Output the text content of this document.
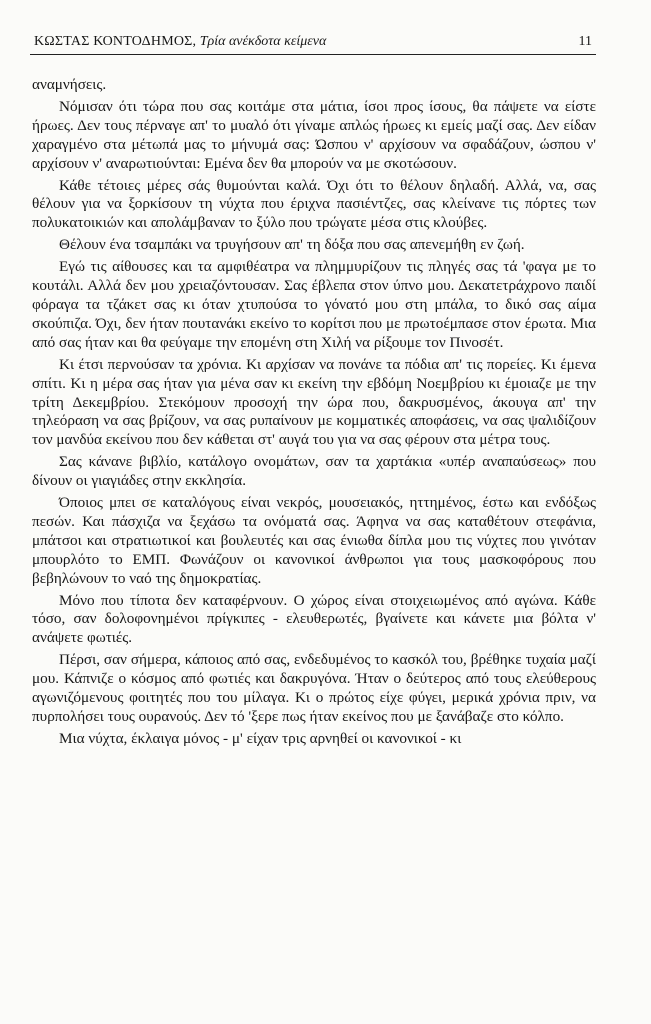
ΚΩΣΤΑΣ ΚΟΝΤΟΔΗΜΟΣ, Τρία ανέκδοτα κείμενα	11

αναμνήσεις.

Νόμισαν ότι τώρα που σας κοιτάμε στα μάτια, ίσοι προς ίσους, θα πάψετε να είστε ήρωες. Δεν τους πέρναγε απ' το μυαλό ότι γίναμε απλώς ήρωες κι εμείς μαζί σας. Δεν είδαν χαραγμένο στα μέτωπά μας το μήνυμά σας: Ώσπου ν' αρχίσουν να σφαδάζουν, ώσπου ν' αρχίσουν ν' αναρωτιούνται: Εμένα δεν θα μπορούν να με σκοτώσουν.

Κάθε τέτοιες μέρες σάς θυμούνται καλά. Όχι ότι το θέλουν δηλαδή. Αλλά, να, σας θέλουν για να ξορκίσουν τη νύχτα που έριχνα πασιέντζες, σας κλείνανε τις πόρτες των πολυκατοικιών και απολάμβαναν το ξύλο που τρώγατε μέσα στις κλούβες.

Θέλουν ένα τσαμπάκι να τρυγήσουν απ' τη δόξα που σας απενεμήθη εν ζωή.

Εγώ τις αίθουσες και τα αμφιθέατρα να πλημμυρίζουν τις πληγές σας τά 'φαγα με το κουτάλι. Αλλά δεν μου χρειαζόντουσαν. Σας έβλεπα στον ύπνο μου. Δεκατετράχρονο παιδί φόραγα τα τζάκετ σας κι όταν χτυπούσα το γόνατό μου στη μπάλα, το δικό σας αίμα σκούπιζα. Όχι, δεν ήταν πουτανάκι εκείνο το κορίτσι που με πρωτοέμπασε στον έρωτα. Μια από σας ήταν και θα φεύγαμε την επομένη στη Χιλή να ρίξουμε τον Πινοσέτ.

Κι έτσι περνούσαν τα χρόνια. Κι αρχίσαν να πονάνε τα πόδια απ' τις πορείες. Κι έμενα σπίτι. Κι η μέρα σας ήταν για μένα σαν κι εκείνη την εβδόμη Νοεμβρίου κι έμοιαζε με την τρίτη Δεκεμβρίου. Στεκόμουν προσοχή την ώρα που, δακρυσμένος, άκουγα απ' την τηλεόραση να σας βρίζουν, να σας ρυπαίνουν με κομματικές αποφάσεις, να σας ψαλιδίζουν τον μανδύα εκείνου που δεν κάθεται στ' αυγά του για να σας φέρουν στα μέτρα τους.

Σας κάνανε βιβλίο, κατάλογο ονομάτων, σαν τα χαρτάκια «υπέρ αναπαύσεως» που δίνουν οι γιαγιάδες στην εκκλησία.

Όποιος μπει σε καταλόγους είναι νεκρός, μουσειακός, ηττημένος, έστω και ενδόξως πεσών. Και πάσχιζα να ξεχάσω τα ονόματά σας. Άφηνα να σας καταθέτουν στεφάνια, μπάτσοι και στρατιωτικοί και βουλευτές και σας ένιωθα δίπλα μου τις νύχτες που γινόταν μπουρλότο το ΕΜΠ. Φωνάζουν οι κανονικοί άνθρωποι για τους μασκοφόρους που βεβηλώνουν το ναό της δημοκρατίας.

Μόνο που τίποτα δεν καταφέρνουν. Ο χώρος είναι στοιχειωμένος από αγώνα. Κάθε τόσο, σαν δολοφονημένοι πρίγκιπες - ελευθερωτές, βγαίνετε και κάνετε μια βόλτα ν' ανάψετε φωτιές.

Πέρσι, σαν σήμερα, κάποιος από σας, ενδεδυμένος το κασκόλ του, βρέθηκε τυχαία μαζί μου. Κάπνιζε ο κόσμος από φωτιές και δακρυγόνα. Ήταν ο δεύτερος από τους ελεύθερους αγωνιζόμενους φοιτητές που του μίλαγα. Κι ο πρώτος είχε φύγει, μερικά χρόνια πριν, να πυρπολήσει τους ουρανούς. Δεν τό 'ξερε πως ήταν εκείνος που με ξανάβαζε στο κόλπο.

Μια νύχτα, έκλαιγα μόνος - μ' είχαν τρις αρνηθεί οι κανονικοί - κι
